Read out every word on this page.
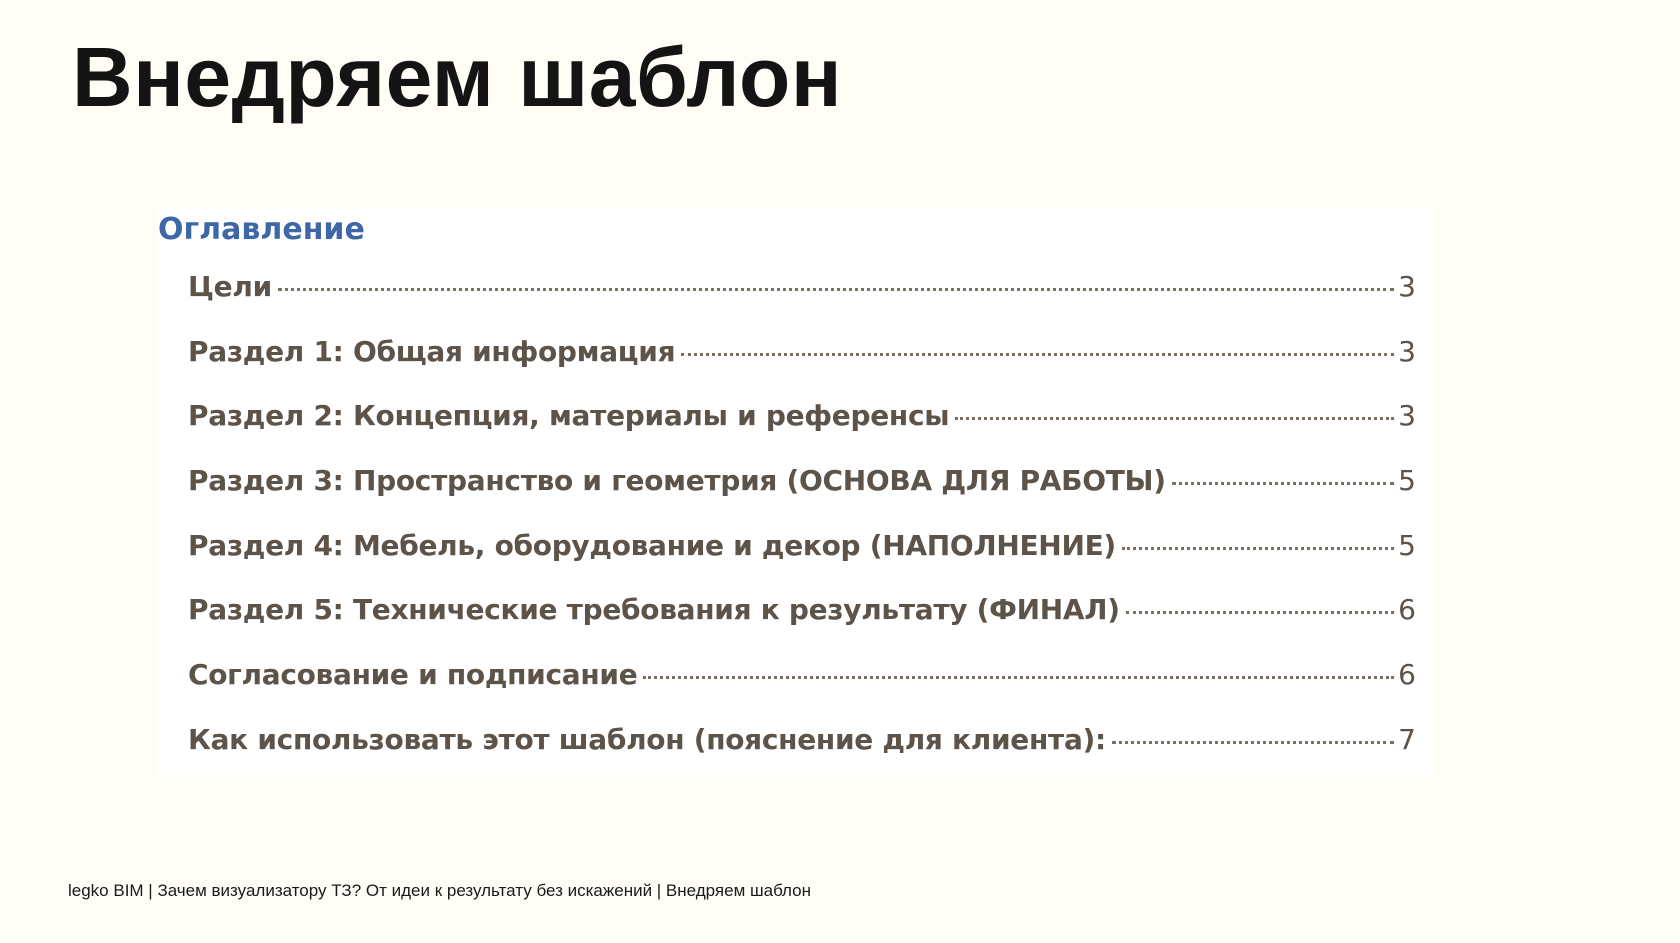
Внедряем шаблон
Оглавление
Цели	3
Раздел 1: Общая информация	3
Раздел 2: Концепция, материалы и референсы	3
Раздел 3: Пространство и геометрия (ОСНОВА ДЛЯ РАБОТЫ)	5
Раздел 4: Мебель, оборудование и декор (НАПОЛНЕНИЕ)	5
Раздел 5: Технические требования к результату (ФИНАЛ)	6
Согласование и подписание	6
Как использовать этот шаблон (пояснение для клиента):	7

legko BIM | Зачем визуализатору ТЗ? От идеи к результату без искажений | Внедряем шаблон
